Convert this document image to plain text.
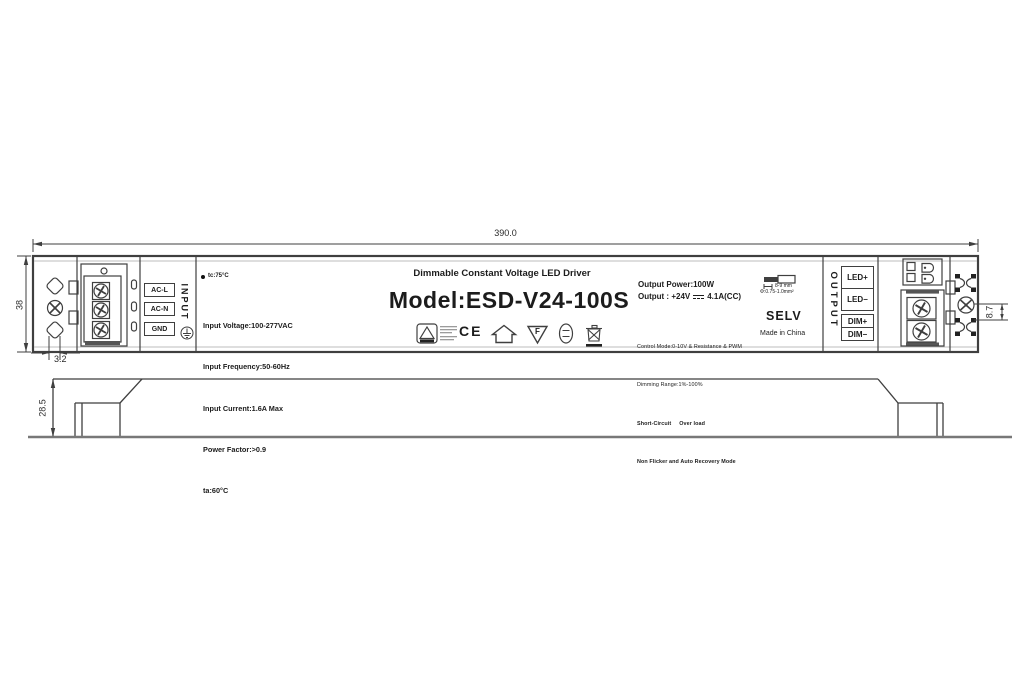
390.0
38
3.2
28.5
8.7
AC-L
AC-N
GND
INPUT
tc:75°C

Input Voltage:100-277VAC

Input Frequency:50-60Hz

Input Current:1.6A Max

Power Factor:>0.9

ta:60°C

Dimmable Constant Voltage LED Driver
Model:ESD-V24-100S
CE	F
Output Power:100W
Output : +24V 4.1A(CC)

Control Mode:0-10V & Resistance & PWM

Dimming Range:1%-100%

Short-Circuit     Over load

Non Flicker and Auto Recovery Mode

8-9 mm
Φ:0.75-1.0mm²
SELV
Made in China
OUTPUT	LED+
LED−
DIM+
DIM−
